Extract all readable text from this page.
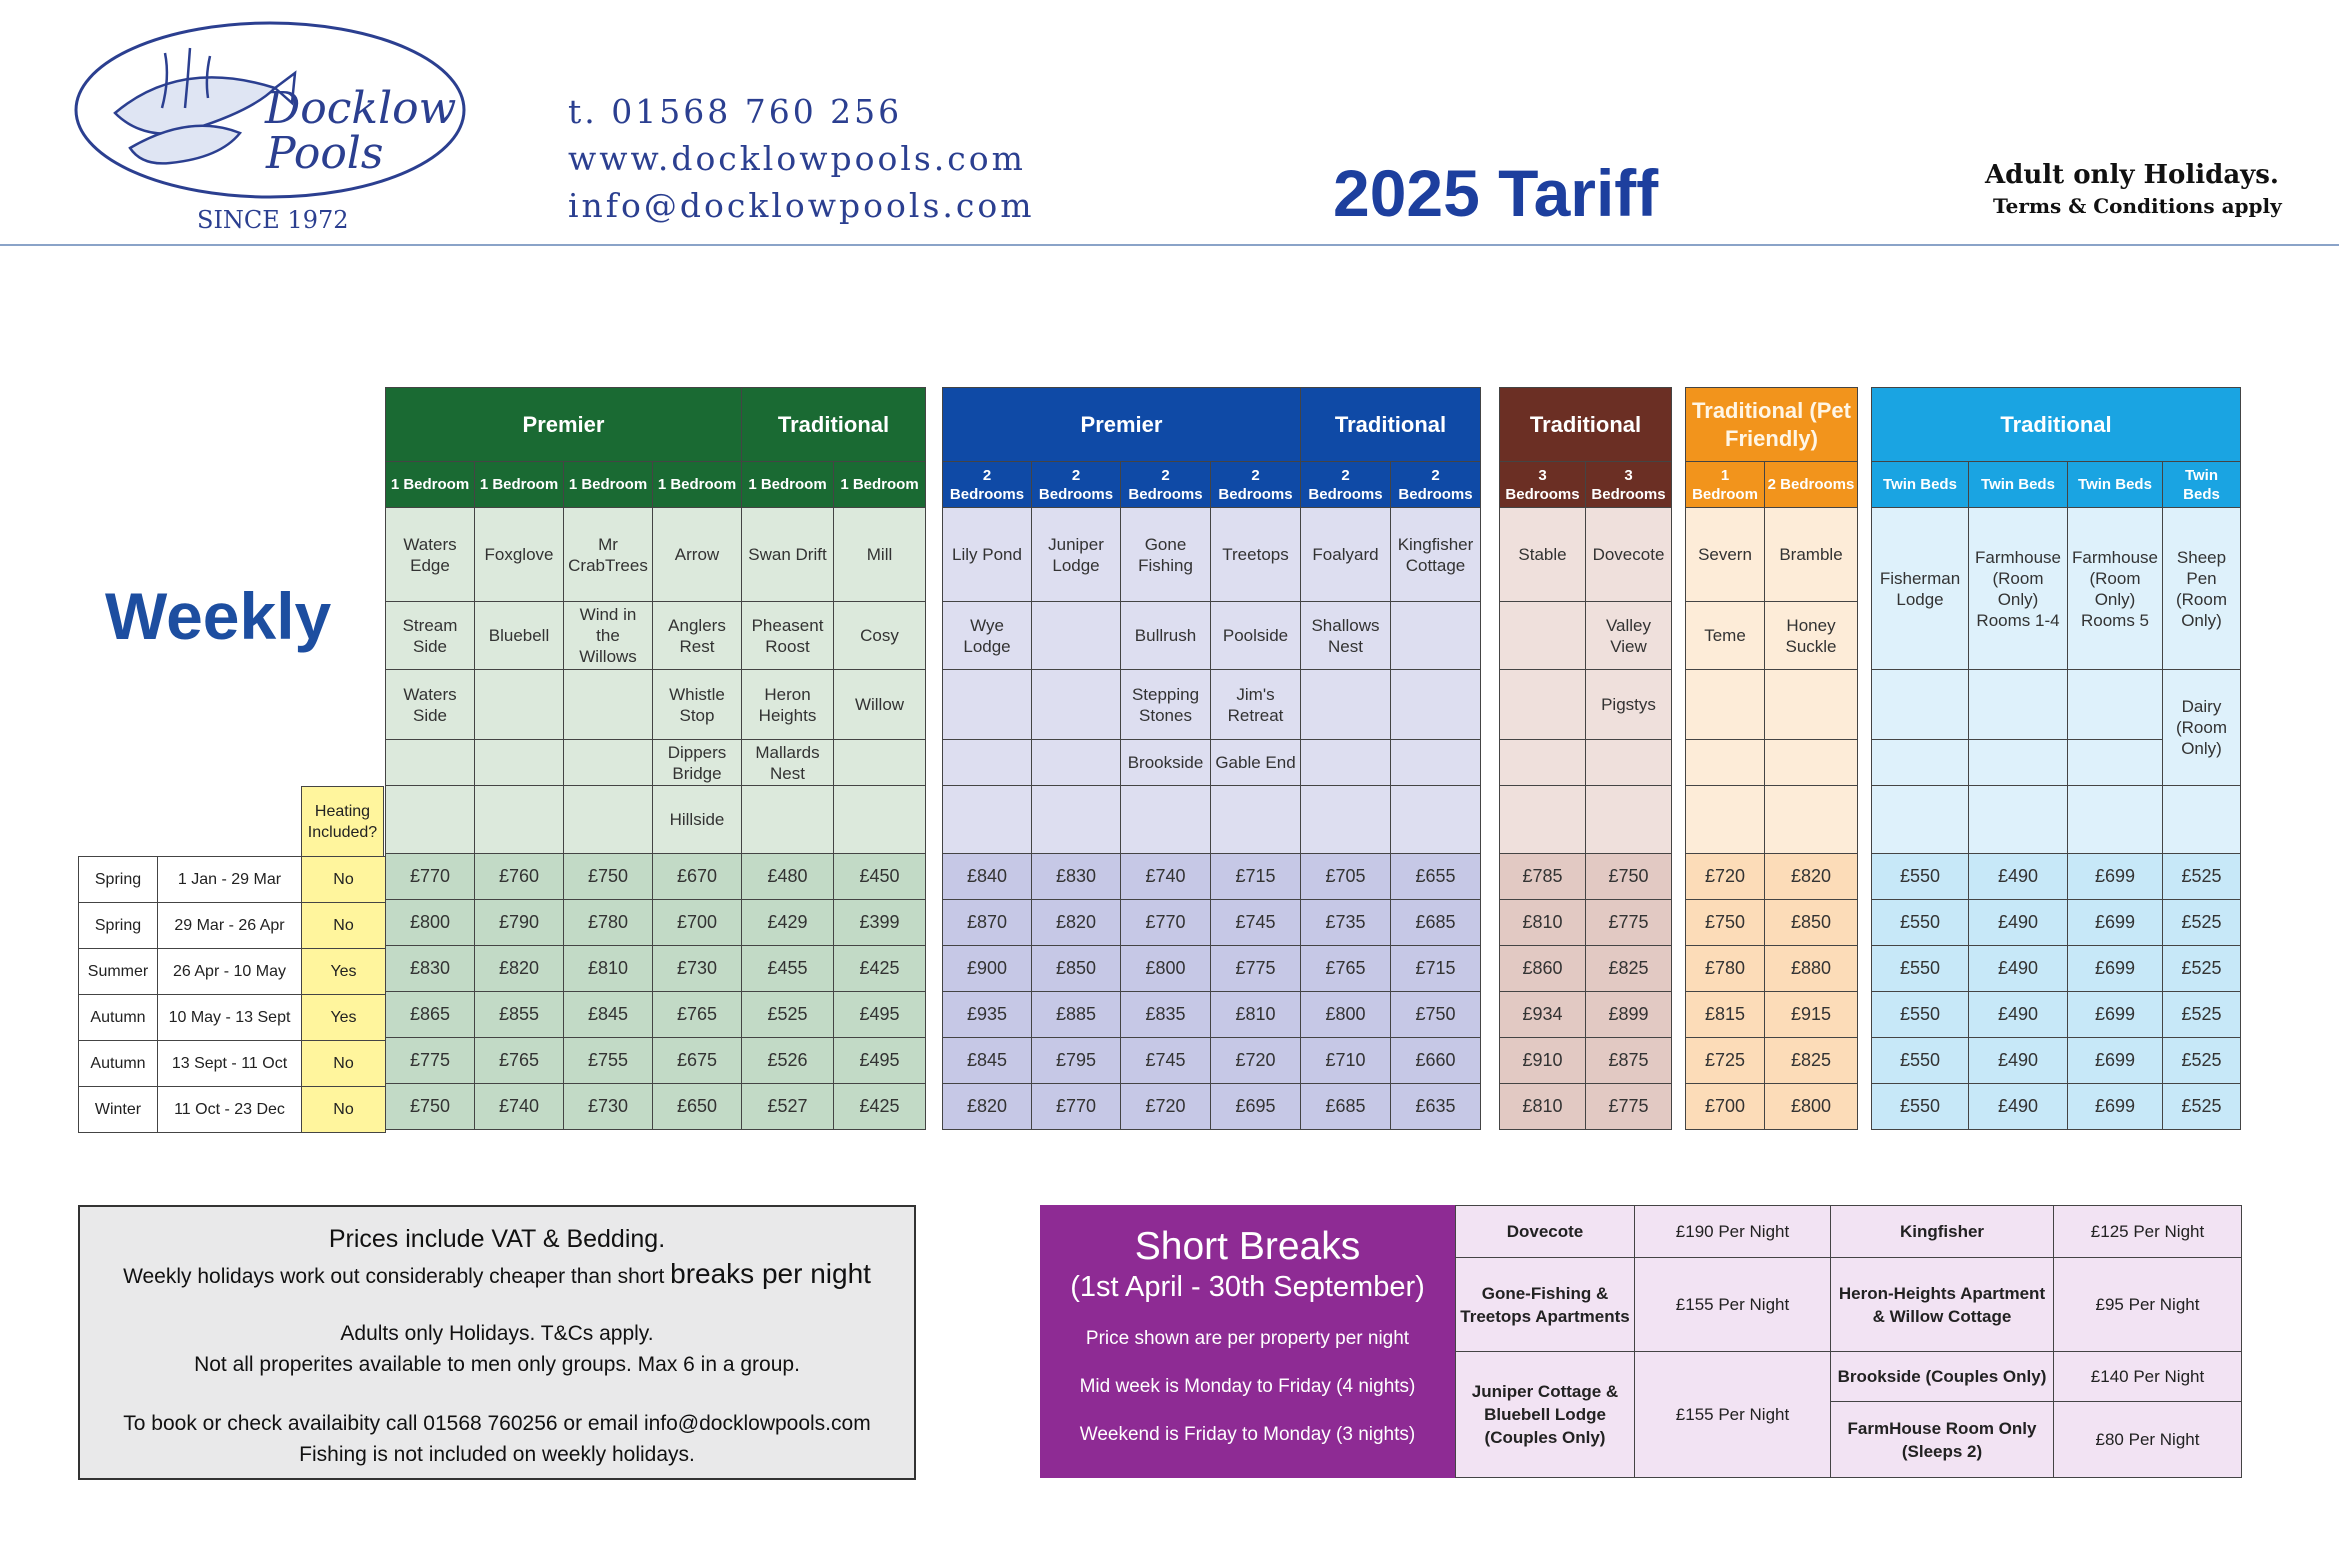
Docklow
Pools
SINCE 1972
t. 01568 760 256
www.docklowpools.com
info@docklowpools.com	2025 Tariff	Adult only Holidays.
Terms & Conditions apply
Weekly
Heating Included?
Spring	1 Jan - 29 Mar	No
Spring	29 Mar - 26 Apr	No
Summer	26 Apr - 10 May	Yes
Autumn	10 May - 13 Sept	Yes
Autumn	13 Sept - 11 Oct	No
Winter	11 Oct - 23 Dec	No
Premier				Traditional	
1 Bedroom	1 Bedroom	1 Bedroom	1 Bedroom	1 Bedroom	1 Bedroom
Waters Edge	Foxglove	Mr CrabTrees	Arrow	Swan Drift	Mill
Stream Side	Bluebell	Wind in the Willows	Anglers Rest	Pheasent Roost	Cosy
Waters Side			Whistle Stop	Heron Heights	Willow
			Dippers Bridge	Mallards Nest	
			Hillside		
£770	£760	£750	£670	£480	£450
£800	£790	£780	£700	£429	£399
£830	£820	£810	£730	£455	£425
£865	£855	£845	£765	£525	£495
£775	£765	£755	£675	£526	£495
£750	£740	£730	£650	£527	£425
Premier				Traditional	
2 Bedrooms	2 Bedrooms	2 Bedrooms	2 Bedrooms	2 Bedrooms	2 Bedrooms
Lily Pond	Juniper Lodge	Gone Fishing	Treetops	Foalyard	Kingfisher Cottage
Wye Lodge		Bullrush	Poolside	Shallows Nest	
		Stepping Stones	Jim's Retreat		
		Brookside	Gable End		

£840	£830	£740	£715	£705	£655
£870	£820	£770	£745	£735	£685
£900	£850	£800	£775	£765	£715
£935	£885	£835	£810	£800	£750
£845	£795	£745	£720	£710	£660
£820	£770	£720	£695	£685	£635
Traditional	
3 Bedrooms	3 Bedrooms
Stable	Dovecote
	Valley View
	Pigstys

£785	£750
£810	£775
£860	£825
£934	£899
£910	£875
£810	£775
Traditional (Pet Friendly)	
1 Bedroom	2 Bedrooms
Severn	Bramble
Teme	Honey Suckle

£720	£820
£750	£850
£780	£880
£815	£915
£725	£825
£700	£800
Traditional			
Twin Beds	Twin Beds	Twin Beds	Twin Beds
Fisherman Lodge	Farmhouse (Room Only) Rooms 1-4	Farmhouse (Room Only) Rooms 5	Sheep Pen (Room Only)

			Dairy (Room Only)

£550	£490	£699	£525
£550	£490	£699	£525
£550	£490	£699	£525
£550	£490	£699	£525
£550	£490	£699	£525
£550	£490	£699	£525
Prices include VAT & Bedding.
Weekly holidays work out considerably cheaper than short breaks per night
Adults only Holidays. T&Cs apply.
Not all properites available to men only groups. Max 6 in a group.
To book or check availaibity call 01568 760256 or email info@docklowpools.com
Fishing is not included on weekly holidays.
Short Breaks
(1st April - 30th September)
Price shown are per property per night
Mid week is Monday to Friday (4 nights)
Weekend is Friday to Monday (3 nights)
Dovecote	£190 Per Night	Kingfisher	£125 Per Night
Gone-Fishing & Treetops Apartments	£155 Per Night	Heron-Heights Apartment & Willow Cottage	£95 Per Night
Juniper Cottage & Bluebell Lodge (Couples Only)	£155 Per Night	Brookside (Couples Only)	£140 Per Night
		FarmHouse Room Only (Sleeps 2)	£80 Per Night
